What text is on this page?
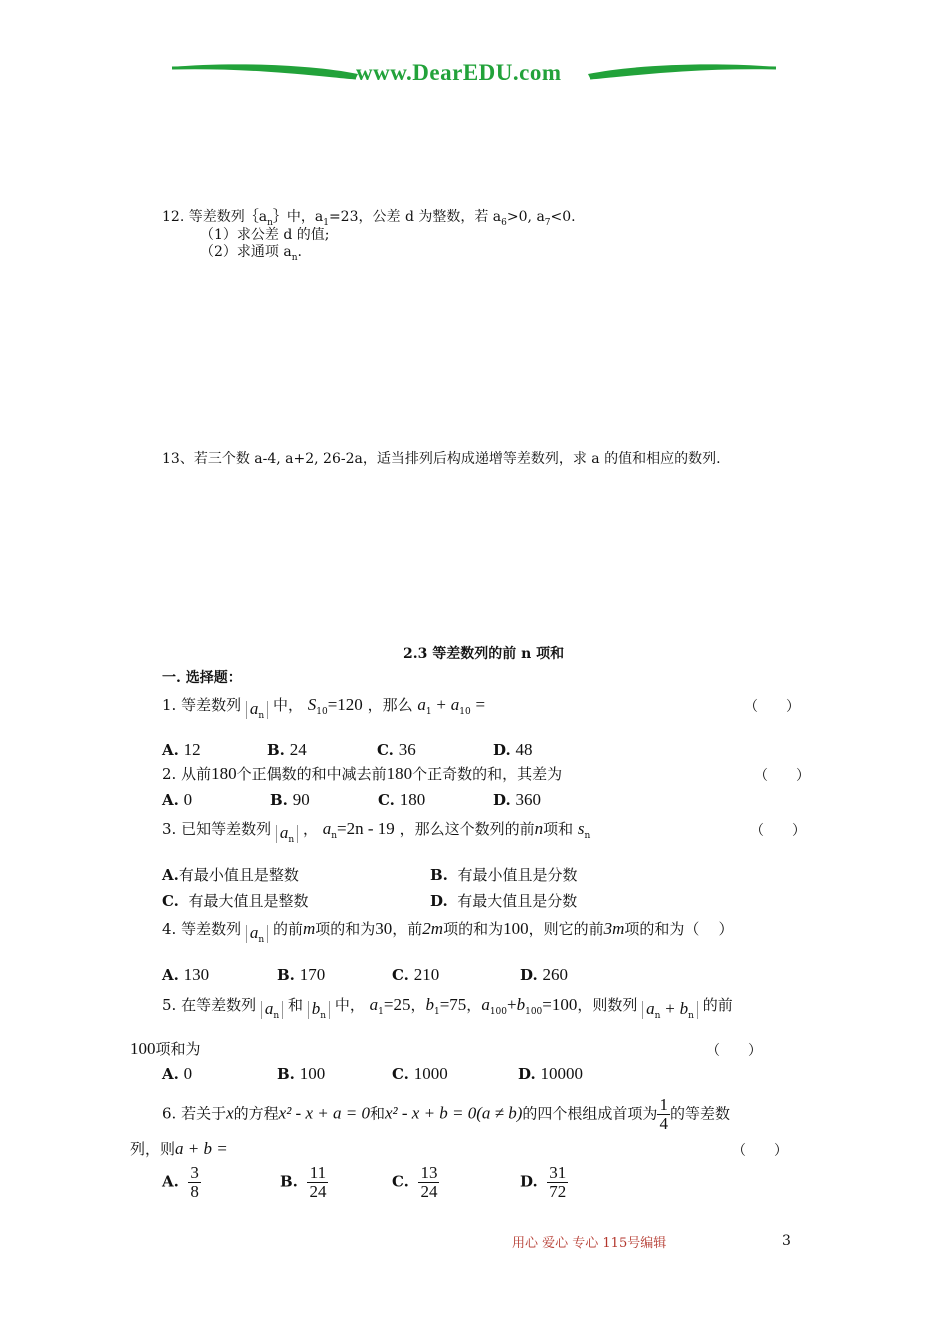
www.DearEDU.com
12. 等差数列$\{a_n\}$中，$a_1=23$，公差 d 为整数，若 $a_6>0$, $a_7<0$.
（1）求公差 d 的值;
（2）求通项 $a_n$.
13、若三个数 a-4, a+2, 26-2a，适当排列后构成递增等差数列，求 a 的值和相应的数列.
2.3 等差数列的前 n 项和
一. 选择题：
1. 等差数列 $a_n$ 中， $S_{10}=120$ ，那么 $a_1 + a_{10}$ =	（　　）
A. 12	B. 24	C. 36	D. 48
2. 从前180个正偶数的和中减去前180个正奇数的和，其差为	（　　）
A. 0	B. 90	C. 180	D. 360
3. 已知等差数列 $a_n$ ， $a_n=2n - 19$ ，那么这个数列的前n项和 $s_n$	（　　）
A.有最小值且是整数	B. 有最小值且是分数
C. 有最大值且是整数	D. 有最大值且是分数
4. 等差数列 $a_n$ 的前m项的和为30，前2m项的和为100，则它的前3m项的和为（ ）
A. 130	B. 170	C. 210	D. 260
5. 在等差数列 $a_n$ 和 $b_n$ 中， $a_1=25$，$b_1=75$，$a_{100}+b_{100}=100$，则数列 $a_n + b_n$ 的前
100项和为	（　　）
A. 0	B. 100	C. 1000	D. 10000
6. 若关于x的方程x² - x + a = 0和x² - x + b = 0(a ≠ b)的四个根组成首项为 $\frac{1}{4}$ 的等差数
列，则a + b =	（　　）
A. $\frac{3}{8}$	B. $\frac{11}{24}$	C. $\frac{13}{24}$	D. $\frac{31}{72}$
用心 爱心 专心 115号编辑	3
